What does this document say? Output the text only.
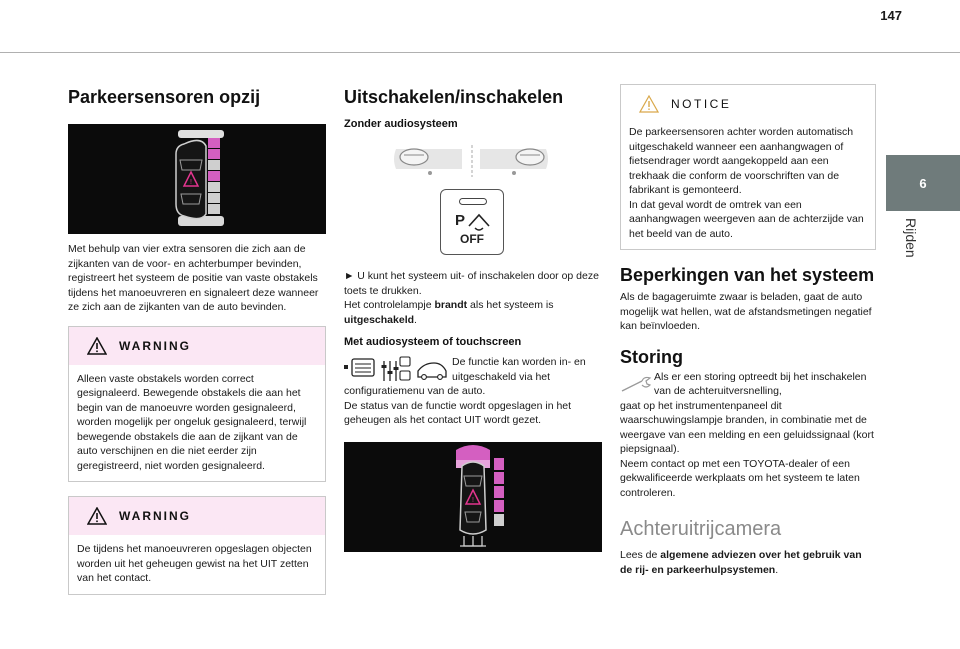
147
6
Rijden
Parkeersensoren opzij
!

Met behulp van vier extra sensoren die zich aan de zijkanten van de voor- en achterbumper bevinden, registreert het systeem de positie van vaste obstakels tijdens het manoeuvreren en signaleert deze wanneer ze zich aan de zijkanten van de auto bevinden.

WARNING

Alleen vaste obstakels worden correct gesignaleerd. Bewegende obstakels die aan het begin van de manoeuvre worden gesignaleerd, worden mogelijk per ongeluk gesignaleerd, terwijl bewegende obstakels die aan de zijkant van de auto verschijnen en die niet eerder zijn geregistreerd, niet worden gesignaleerd.

WARNING

De tijdens het manoeuvreren opgeslagen objecten worden uit het geheugen gewist na het UIT zetten van het contact.

Uitschakelen/inschakelen
Zonder audiosysteem
P
OFF

► U kunt het systeem uit- of inschakelen door op deze toets te drukken.
Het controlelampje brandt als het systeem is uitgeschakeld.

Met audiosysteem of touchscreen

De functie kan worden in- en uitgeschakeld via het

configuratiemenu van de auto.

De status van de functie wordt opgeslagen in het geheugen als het contact UIT wordt gezet.

!
NOTICE

De parkeersensoren achter worden automatisch uitgeschakeld wanneer een aanhangwagen of fietsendrager wordt aangekoppeld aan een trekhaak die conform de voorschriften van de fabrikant is gemonteerd.

In dat geval wordt de omtrek van een aanhangwagen weergeven aan de achterzijde van het beeld van de auto.

Beperkingen van het systeem

Als de bagageruimte zwaar is beladen, gaat de auto mogelijk wat hellen, wat de afstandsmetingen negatief kan beïnvloeden.

Storing

Als er een storing optreedt bij het inschakelen van de achteruitversnelling,

gaat op het instrumentenpaneel dit waarschuwingslampje branden, in combinatie met de weergave van een melding en een geluidssignaal (kort piepsignaal).

Neem contact op met een TOYOTA-dealer of een gekwalificeerde werkplaats om het systeem te laten controleren.

Achteruitrijcamera

Lees de algemene adviezen over het gebruik van de rij- en parkeerhulpsystemen.
